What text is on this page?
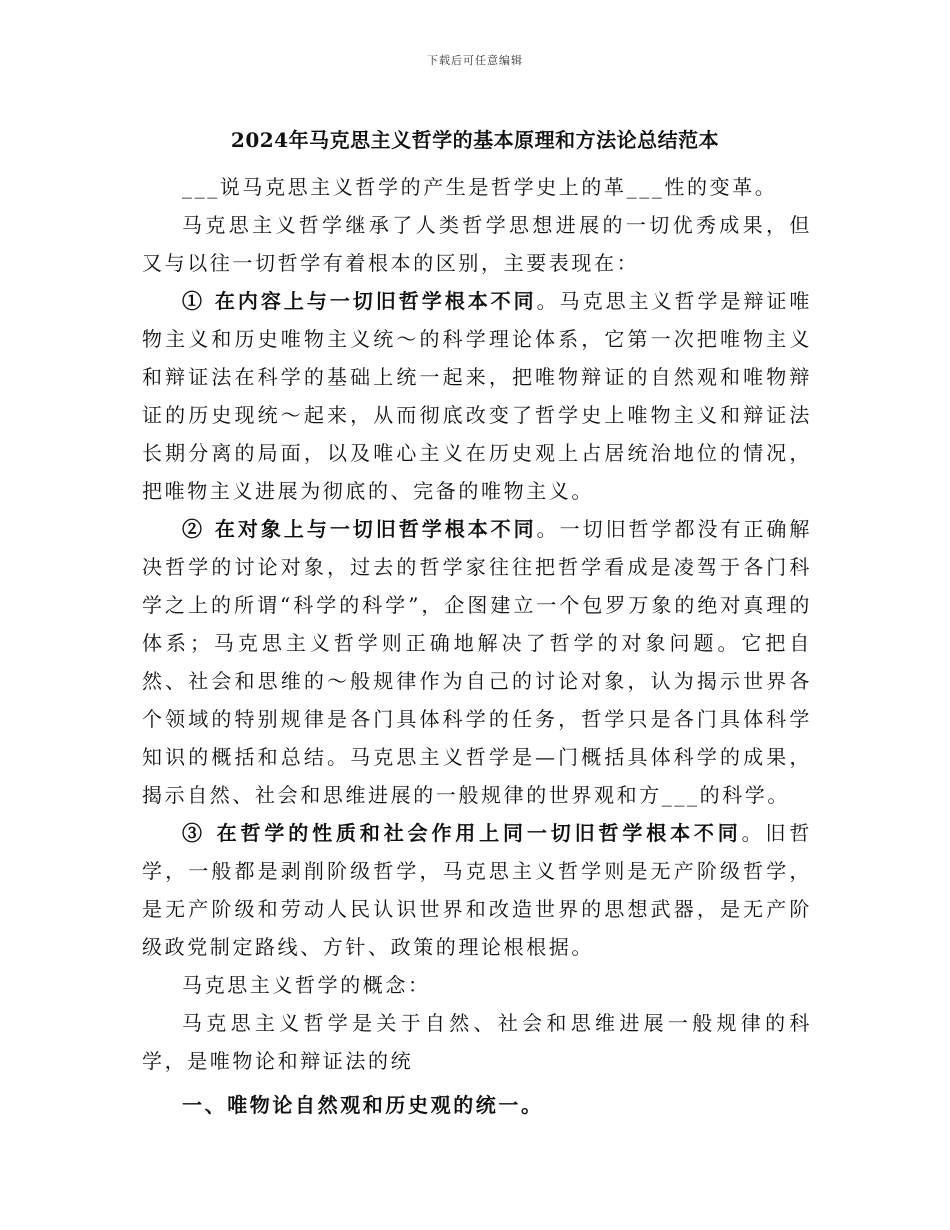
下载后可任意编辑
2024年马克思主义哲学的基本原理和方法论总结范本

___说马克思主义哲学的产生是哲学史上的革___性的变革。

马克思主义哲学继承了人类哲学思想进展的一切优秀成果，但又与以往一切哲学有着根本的区别，主要表现在：

① 在内容上与一切旧哲学根本不同。马克思主义哲学是辩证唯物主义和历史唯物主义统～的科学理论体系，它第一次把唯物主义和辩证法在科学的基础上统一起来，把唯物辩证的自然观和唯物辩证的历史现统～起来，从而彻底改变了哲学史上唯物主义和辩证法长期分离的局面，以及唯心主义在历史观上占居统治地位的情况，把唯物主义进展为彻底的、完备的唯物主义。

② 在对象上与一切旧哲学根本不同。一切旧哲学都没有正确解决哲学的讨论对象，过去的哲学家往往把哲学看成是凌驾于各门科学之上的所谓“科学的科学”，企图建立一个包罗万象的绝对真理的体系；马克思主义哲学则正确地解决了哲学的对象问题。它把自然、社会和思维的～般规律作为自己的讨论对象，认为揭示世界各个领域的特别规律是各门具体科学的任务，哲学只是各门具体科学知识的概括和总结。马克思主义哲学是—门概括具体科学的成果，揭示自然、社会和思维进展的一般规律的世界观和方___的科学。

③ 在哲学的性质和社会作用上同一切旧哲学根本不同。旧哲学，一般都是剥削阶级哲学，马克思主义哲学则是无产阶级哲学，是无产阶级和劳动人民认识世界和改造世界的思想武器，是无产阶级政党制定路线、方针、政策的理论根根据。

马克思主义哲学的概念：

马克思主义哲学是关于自然、社会和思维进展一般规律的科学，是唯物论和辩证法的统

一、唯物论自然观和历史观的统一。
